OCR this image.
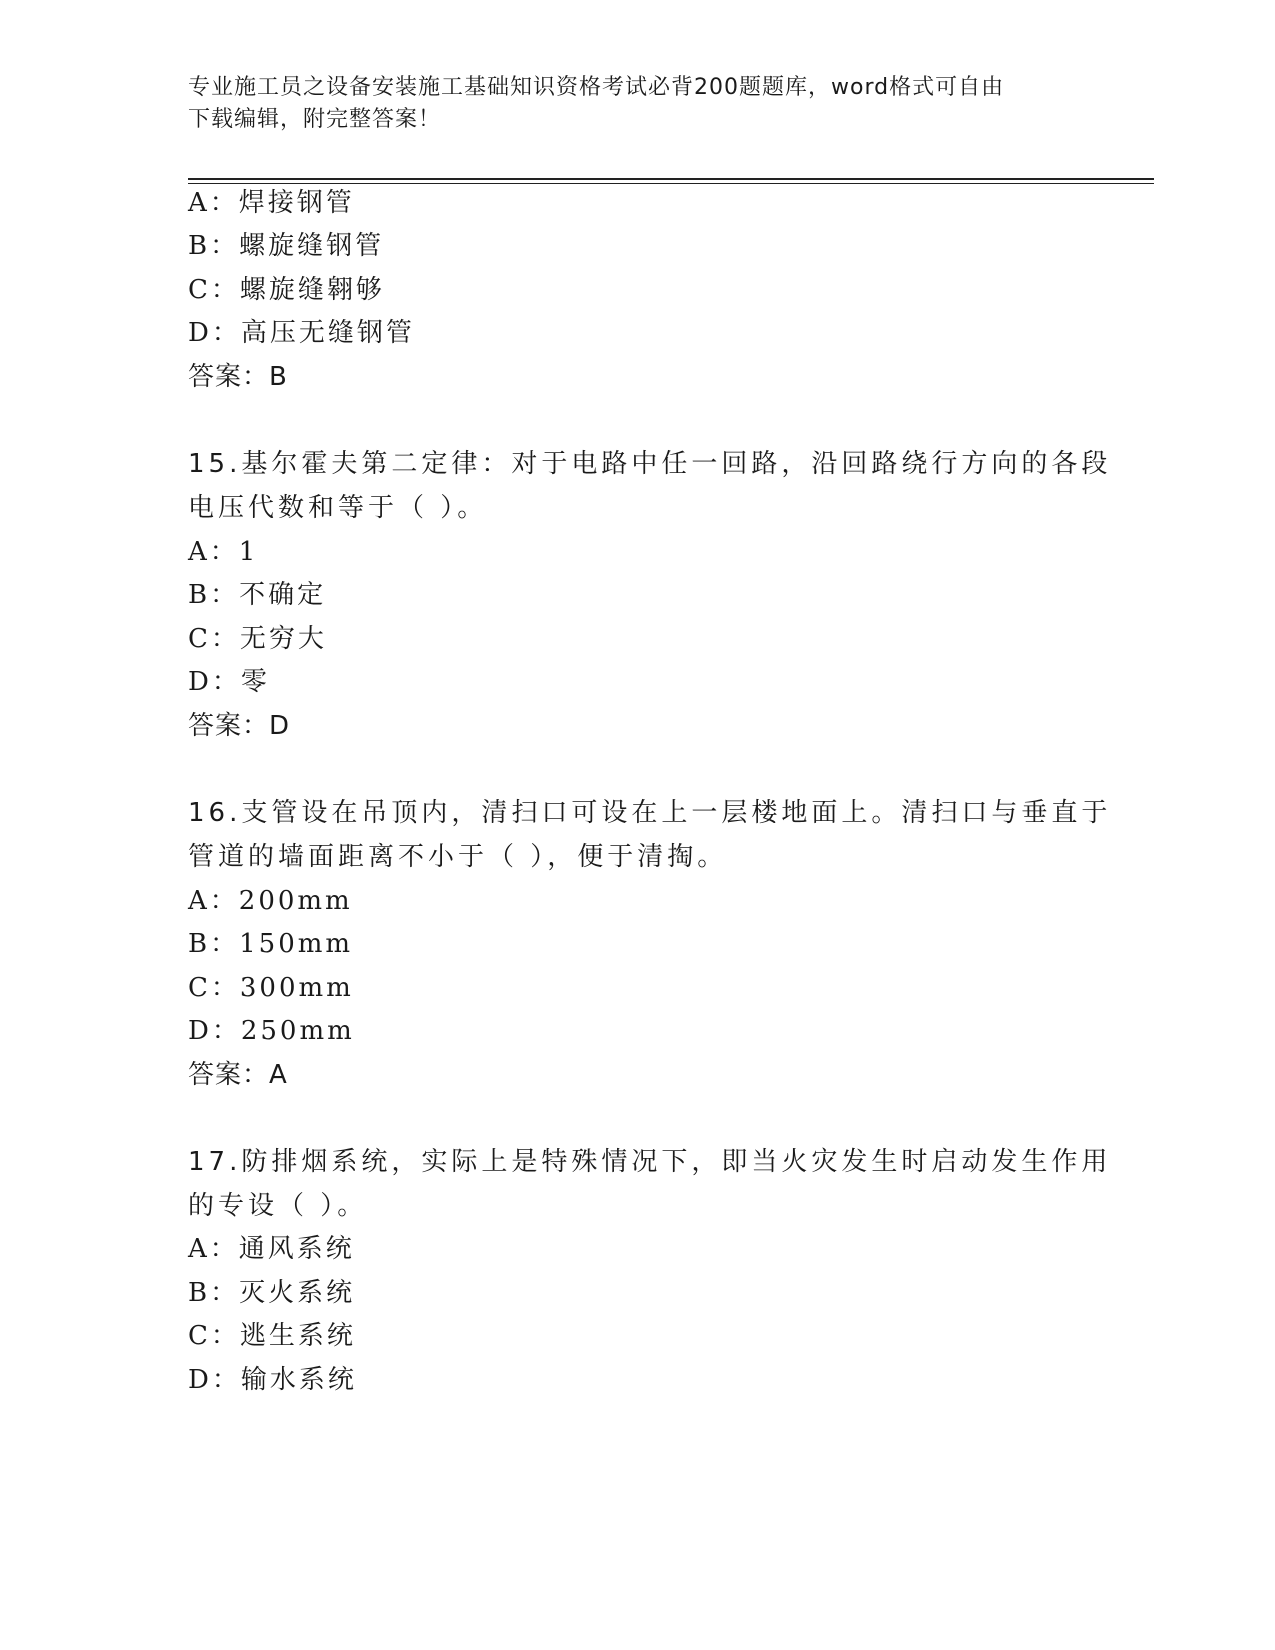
专业施工员之设备安装施工基础知识资格考试必背200题题库，word格式可自由
下载编辑，附完整答案！
A：焊接钢管
B：螺旋缝钢管
C：螺旋缝翱够
D：高压无缝钢管
答案：B
15.基尔霍夫第二定律：对于电路中任一回路，沿回路绕行方向的各段
电压代数和等于（ ）。
A：1
B：不确定
C：无穷大
D：零
答案：D
16.支管设在吊顶内，清扫口可设在上一层楼地面上。清扫口与垂直于
管道的墙面距离不小于（ ），便于清掏。
A：200mm
B：150mm
C：300mm
D：250mm
答案：A
17.防排烟系统，实际上是特殊情况下，即当火灾发生时启动发生作用
的专设（ ）。
A：通风系统
B：灭火系统
C：逃生系统
D：输水系统
